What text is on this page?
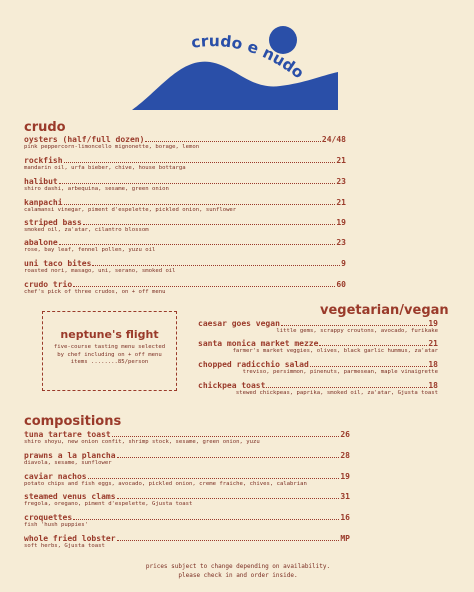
crudo e nudo
crudo
oysters (half/full dozen)	24/48
pink peppercorn-limoncello mignonette, borage, lemon
rockfish	21
mandarin oil, urfa bieber, chive, house bottarga
halibut	23
shiro dashi, arbequina, sesame, green onion
kanpachi	21
calamansi vinegar, piment d'espelette, pickled onion, sunflower
striped bass	19
smoked oil, za'atar, cilantro blossom
abalone	23
rose, bay leaf, fennel pollen, yuzu oil
uni taco bites	9
roasted nori, masago, uni, serano, smoked oil
crudo trio	60
chef's pick of three crudos, on + off menu
neptune's flight
five-course tasting menu selected
by chef including on + off menu
items ........85/person
vegetarian/vegan
caesar goes vegan	19
little gems, scrappy croutons, avocado, furikake
santa monica market mezze	21
farmer's market veggies, olives, black garlic hummus, za'atar
chopped radicchio salad	18
treviso, persimmon, pinenuts, parmesean, maple vinaigrette
chickpea toast	18
stewed chickpeas, paprika, smoked oil, za'atar, Gjusta toast
compositions
tuna tartare toast	26
shiro shoyu, new onion confit, shrimp stock, sesame, green onion, yuzu
prawns a la plancha	28
diavola, sesame, sunflower
caviar nachos	19
potato chips and fish eggs, avocado, pickled onion, creme fraiche, chives, calabrian
steamed venus clams	31
fregola, oregano, piment d'espelette, Gjusta toast
croquettes	16
fish 'hush puppies'
whole fried lobster	MP
soft herbs, Gjusta toast
prices subject to change depending on availability.
please check in and order inside.
